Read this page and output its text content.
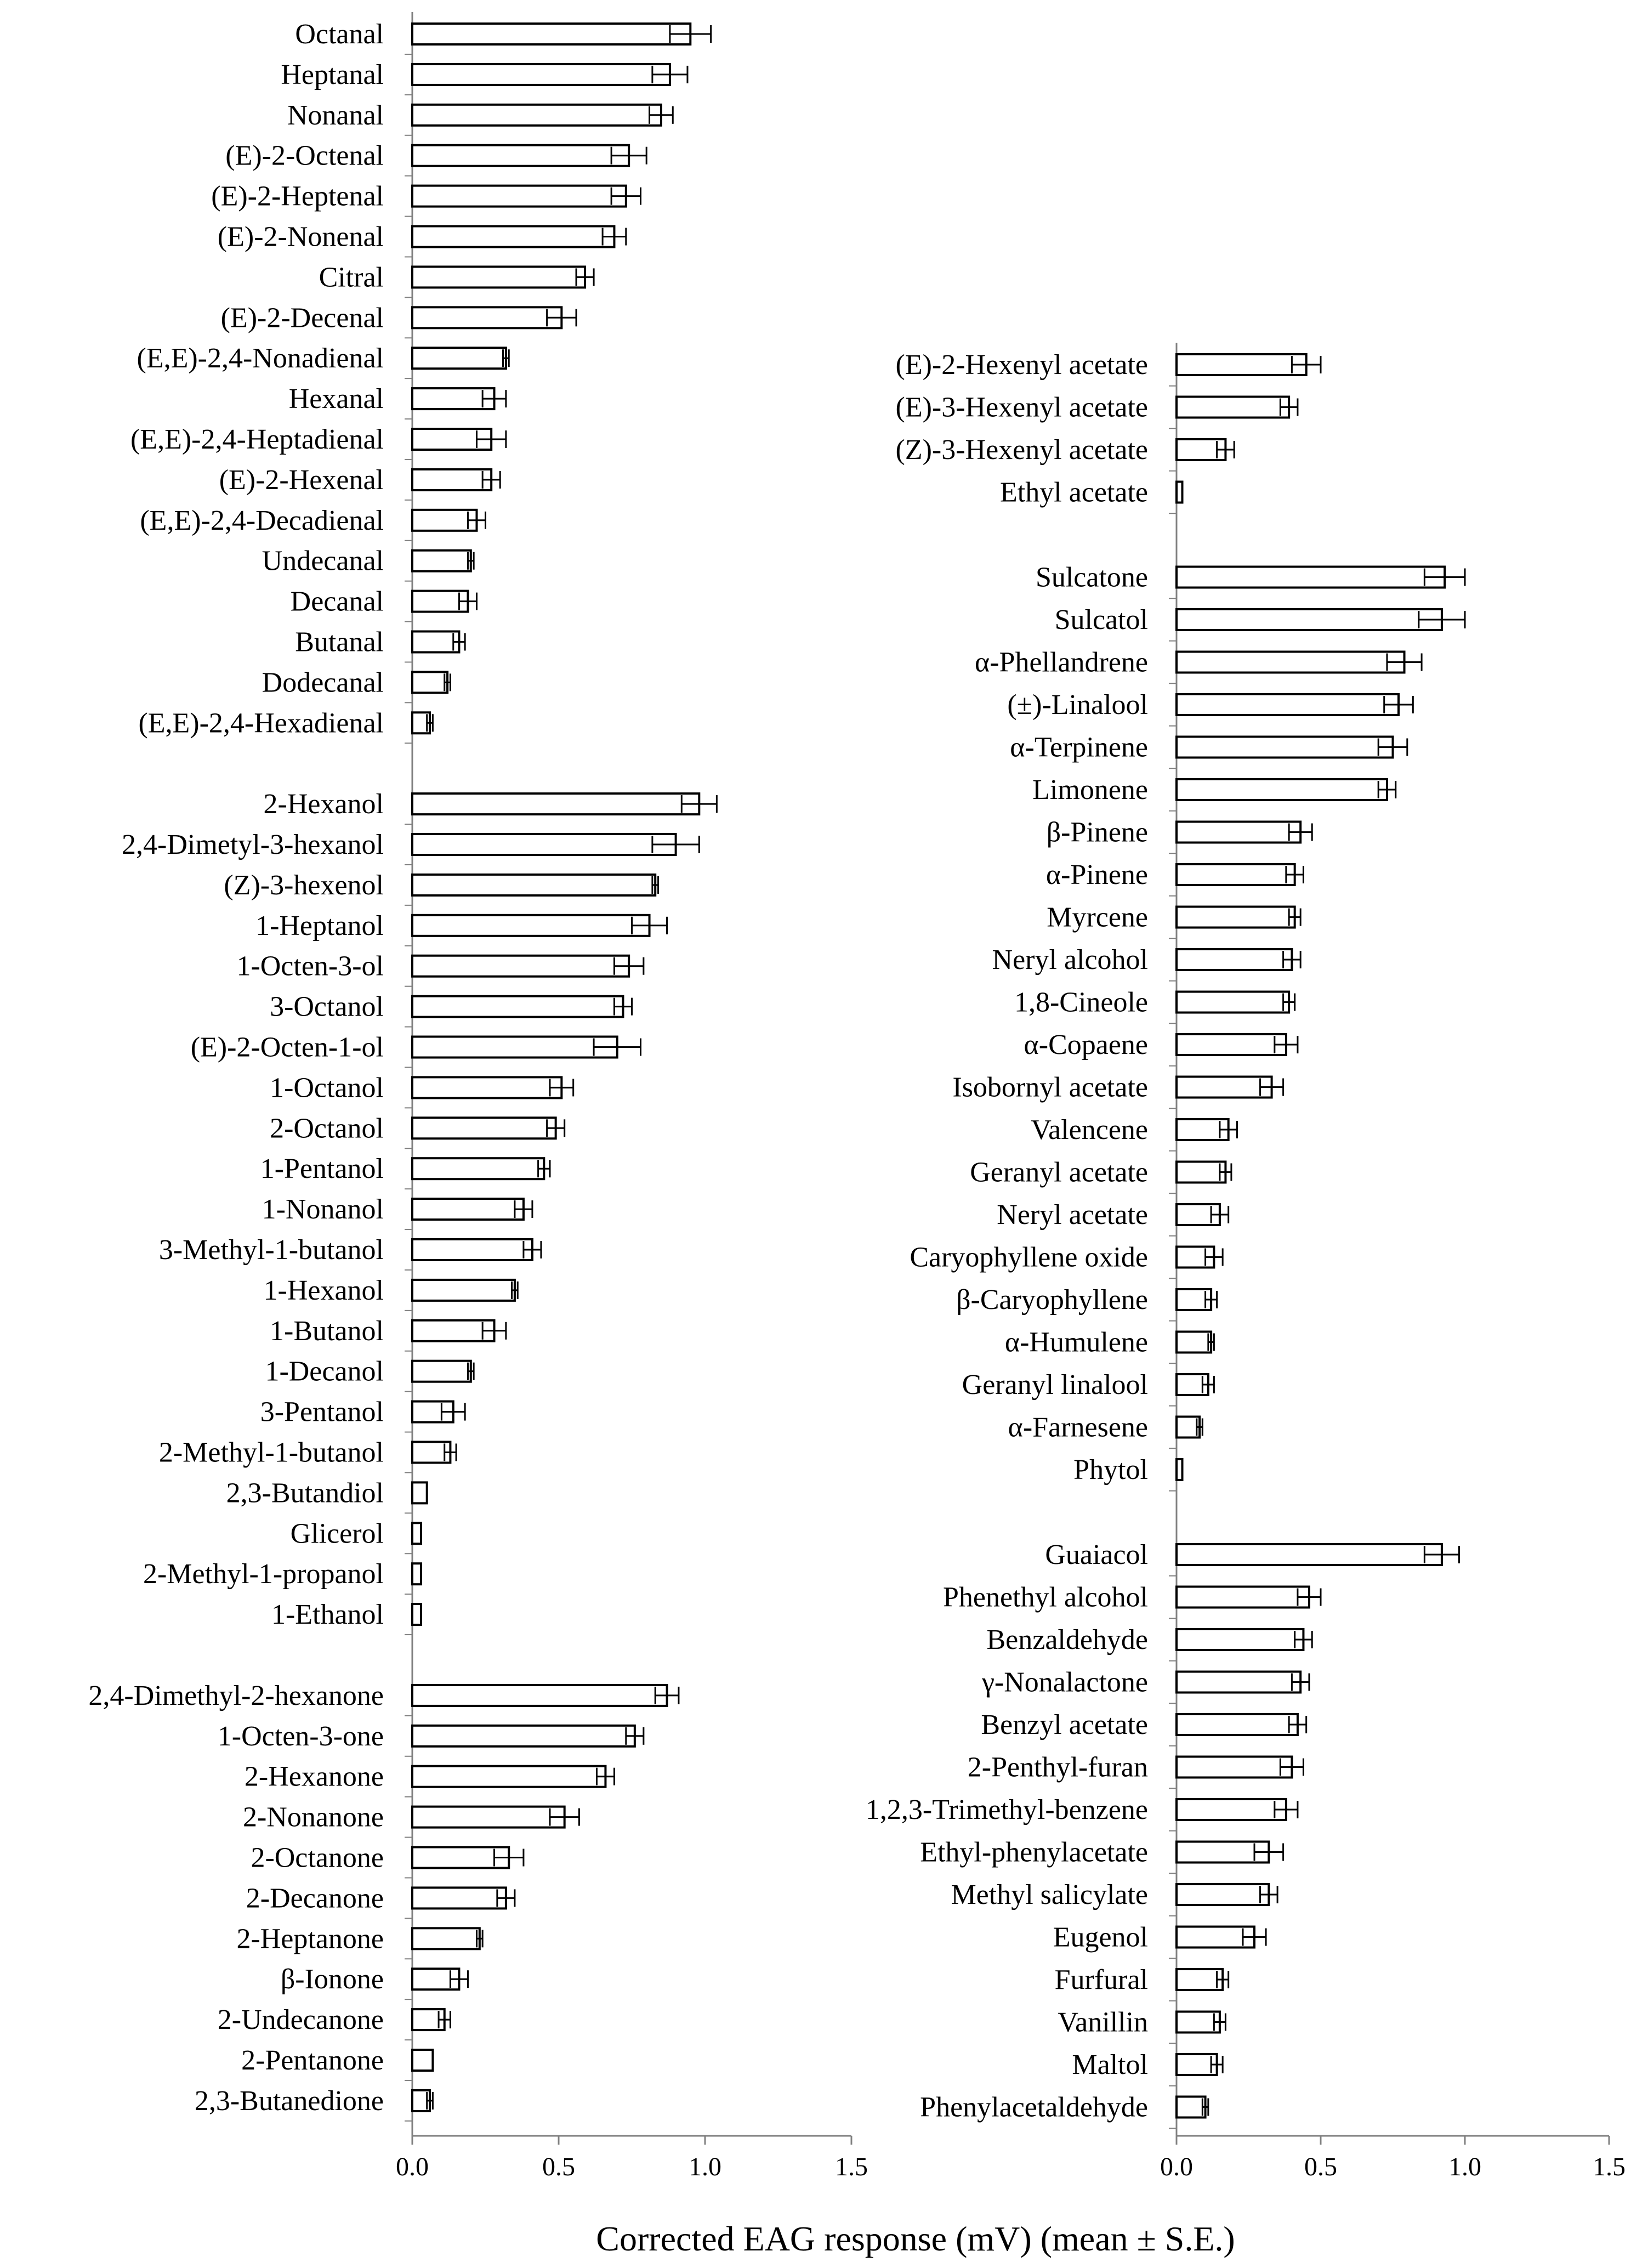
0.0	0.5	1.0	1.5
Octanal
Heptanal
Nonanal
(E)-2-Octenal
(E)-2-Heptenal
(E)-2-Nonenal
Citral
(E)-2-Decenal
(E,E)-2,4-Nonadienal
Hexanal
(E,E)-2,4-Heptadienal
(E)-2-Hexenal
(E,E)-2,4-Decadienal
Undecanal
Decanal
Butanal
Dodecanal
(E,E)-2,4-Hexadienal
2-Hexanol
2,4-Dimetyl-3-hexanol
(Z)-3-hexenol
1-Heptanol
1-Octen-3-ol
3-Octanol
(E)-2-Octen-1-ol
1-Octanol
2-Octanol
1-Pentanol
1-Nonanol
3-Methyl-1-butanol
1-Hexanol
1-Butanol
1-Decanol
3-Pentanol
2-Methyl-1-butanol
2,3-Butandiol
Glicerol
2-Methyl-1-propanol
1-Ethanol
2,4-Dimethyl-2-hexanone
1-Octen-3-one
2-Hexanone
2-Nonanone
2-Octanone
2-Decanone
2-Heptanone
β-Ionone
2-Undecanone
2-Pentanone
2,3-Butanedione
0.0	0.5	1.0	1.5
(E)-2-Hexenyl acetate
(E)-3-Hexenyl acetate
(Z)-3-Hexenyl acetate
Ethyl acetate
Sulcatone
Sulcatol
α-Phellandrene
(±)-Linalool
α-Terpinene
Limonene
β-Pinene
α-Pinene
Myrcene
Neryl alcohol
1,8-Cineole
α-Copaene
Isobornyl acetate
Valencene
Geranyl acetate
Neryl acetate
Caryophyllene oxide
β-Caryophyllene
α-Humulene
Geranyl linalool
α-Farnesene
Phytol
Guaiacol
Phenethyl alcohol
Benzaldehyde
γ-Nonalactone
Benzyl acetate
2-Penthyl-furan
1,2,3-Trimethyl-benzene
Ethyl-phenylacetate
Methyl salicylate
Eugenol
Furfural
Vanillin
Maltol
Phenylacetaldehyde
Corrected EAG response (mV) (mean ± S.E.)
